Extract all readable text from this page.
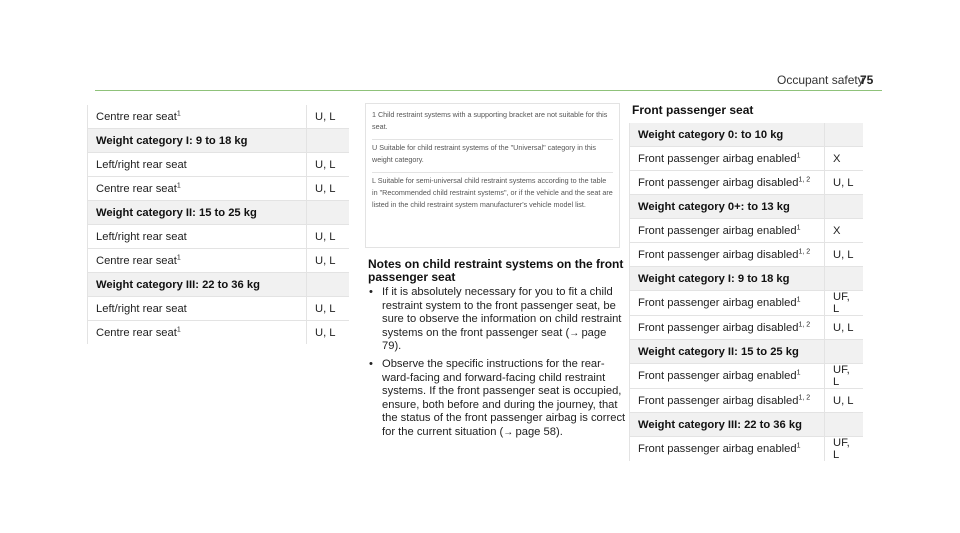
Occupant safety
75
Centre rear seat$^1$	U, L
Weight category I: 9 to 18 kg	
Left/right rear seat	U, L
Centre rear seat$^1$	U, L
Weight category II: 15 to 25 kg	
Left/right rear seat	U, L
Centre rear seat$^1$	U, L
Weight category III: 22 to 36 kg	
Left/right rear seat	U, L
Centre rear seat$^1$	U, L
1 Child restraint systems with a supporting bracket are not suitable for this seat.
U Suitable for child restraint systems of the "Universal" category in this weight category.
L Suitable for semi-universal child restraint systems according to the table in "Recommended child restraint systems", or if the vehicle and the seat are listed in the child restraint system manufacturer's vehicle model list.
Notes on child restraint systems on the front passenger seat
• If it is absolutely necessary for you to fit a child restraint system to the front passenger seat, be sure to observe the information on child restraint systems on the front passenger seat (→  page 79).
• Observe the specific instructions for the rear-ward-facing and forward-facing child restraint systems. If the front passenger seat is occupied, ensure, both before and during the journey, that the status of the front passenger airbag is correct for the current situation (→  page 58).
Front passenger seat
Weight category 0: to 10 kg	
Front passenger airbag enabled$^1$	X
Front passenger airbag disabled$^{1, 2}$	U, L
Weight category 0+: to 13 kg	
Front passenger airbag enabled$^1$	X
Front passenger airbag disabled$^{1, 2}$	U, L
Weight category I: 9 to 18 kg	
Front passenger airbag enabled$^1$	UF, L
Front passenger airbag disabled$^{1, 2}$	U, L
Weight category II: 15 to 25 kg	
Front passenger airbag enabled$^1$	UF, L
Front passenger airbag disabled$^{1, 2}$	U, L
Weight category III: 22 to 36 kg	
Front passenger airbag enabled$^1$	UF, L
